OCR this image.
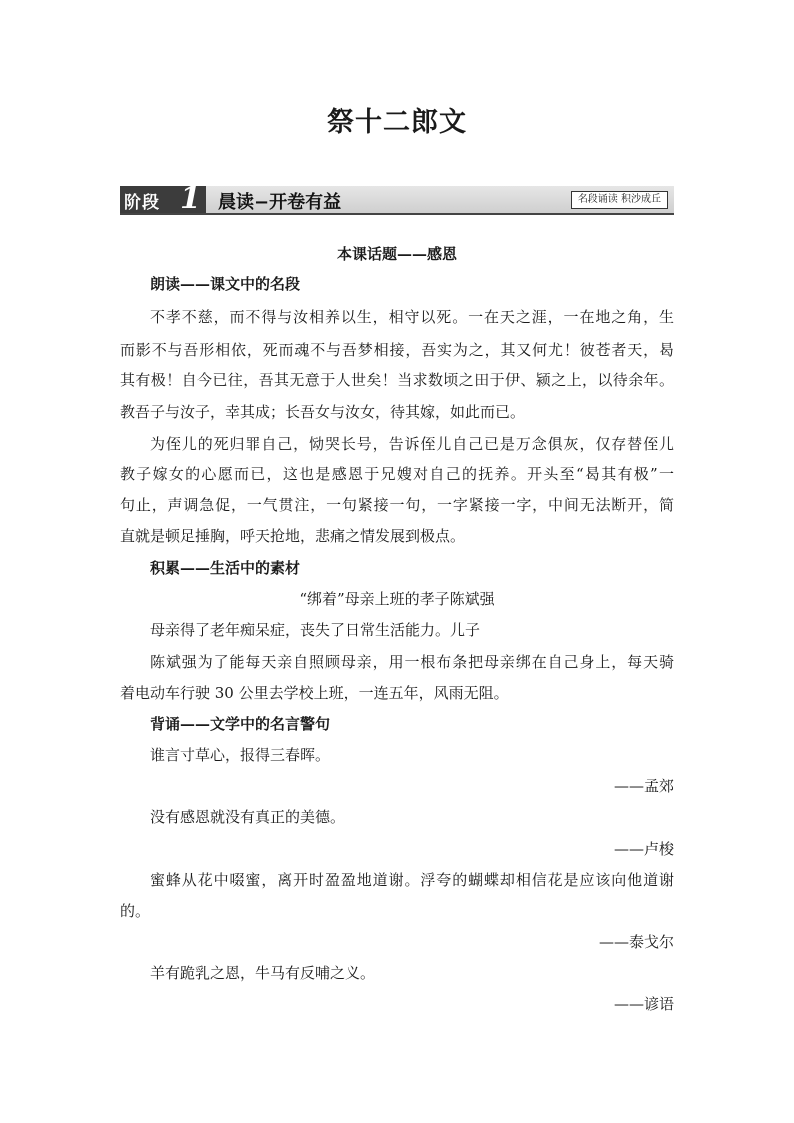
祭十二郎文
阶段 1 晨读−开卷有益	名段诵读 积沙成丘
本课话题——感恩
朗读——课文中的名段
不孝不慈，而不得与汝相养以生，相守以死。一在天之涯，一在地之角，生
而影不与吾形相依，死而魂不与吾梦相接，吾实为之，其又何尤！彼苍者天，曷
其有极！自今已往，吾其无意于人世矣！当求数顷之田于伊、颍之上，以待余年。
教吾子与汝子，幸其成；长吾女与汝女，待其嫁，如此而已。
为侄儿的死归罪自己，恸哭长号，告诉侄儿自己已是万念俱灰，仅存替侄儿
教子嫁女的心愿而已，这也是感恩于兄嫂对自己的抚养。开头至“曷其有极”一
句止，声调急促，一气贯注，一句紧接一句，一字紧接一字，中间无法断开，简
直就是顿足捶胸，呼天抢地，悲痛之情发展到极点。
积累——生活中的素材
“绑着”母亲上班的孝子陈斌强
母亲得了老年痴呆症，丧失了日常生活能力。儿子
陈斌强为了能每天亲自照顾母亲，用一根布条把母亲绑在自己身上，每天骑
着电动车行驶 30 公里去学校上班，一连五年，风雨无阻。
背诵——文学中的名言警句
谁言寸草心，报得三春晖。
——孟郊
没有感恩就没有真正的美德。
——卢梭
蜜蜂从花中啜蜜，离开时盈盈地道谢。浮夸的蝴蝶却相信花是应该向他道谢
的。
——泰戈尔
羊有跪乳之恩，牛马有反哺之义。
——谚语
